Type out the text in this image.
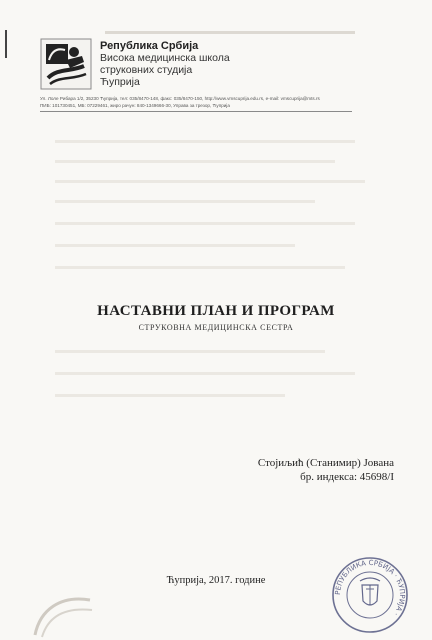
Република Србија
Висока медицинска школа
струковних студија
Ћуприја
Ул. Лоле Рибара 1/2, 35230 Ћуприја, тел: 035/8470-148, факс: 035/8470-150, http://www.vmscuprija.edu.rs, e-mail: vmscuprija@mts.rs
ПИБ: 101730451, МБ: 07229461, жиро рачун: 840-1349666-30, Управа за трезор, Ћуприја
НАСТАВНИ ПЛАН И ПРОГРАМ
СТРУКОВНА МЕДИЦИНСКА СЕСТРА
Стојиљић (Станимир) Јована
бр. индекса: 45698/I
Ћуприја, 2017. године
РЕПУБЛИКА СРБИЈА · ЋУПРИЈА ·
